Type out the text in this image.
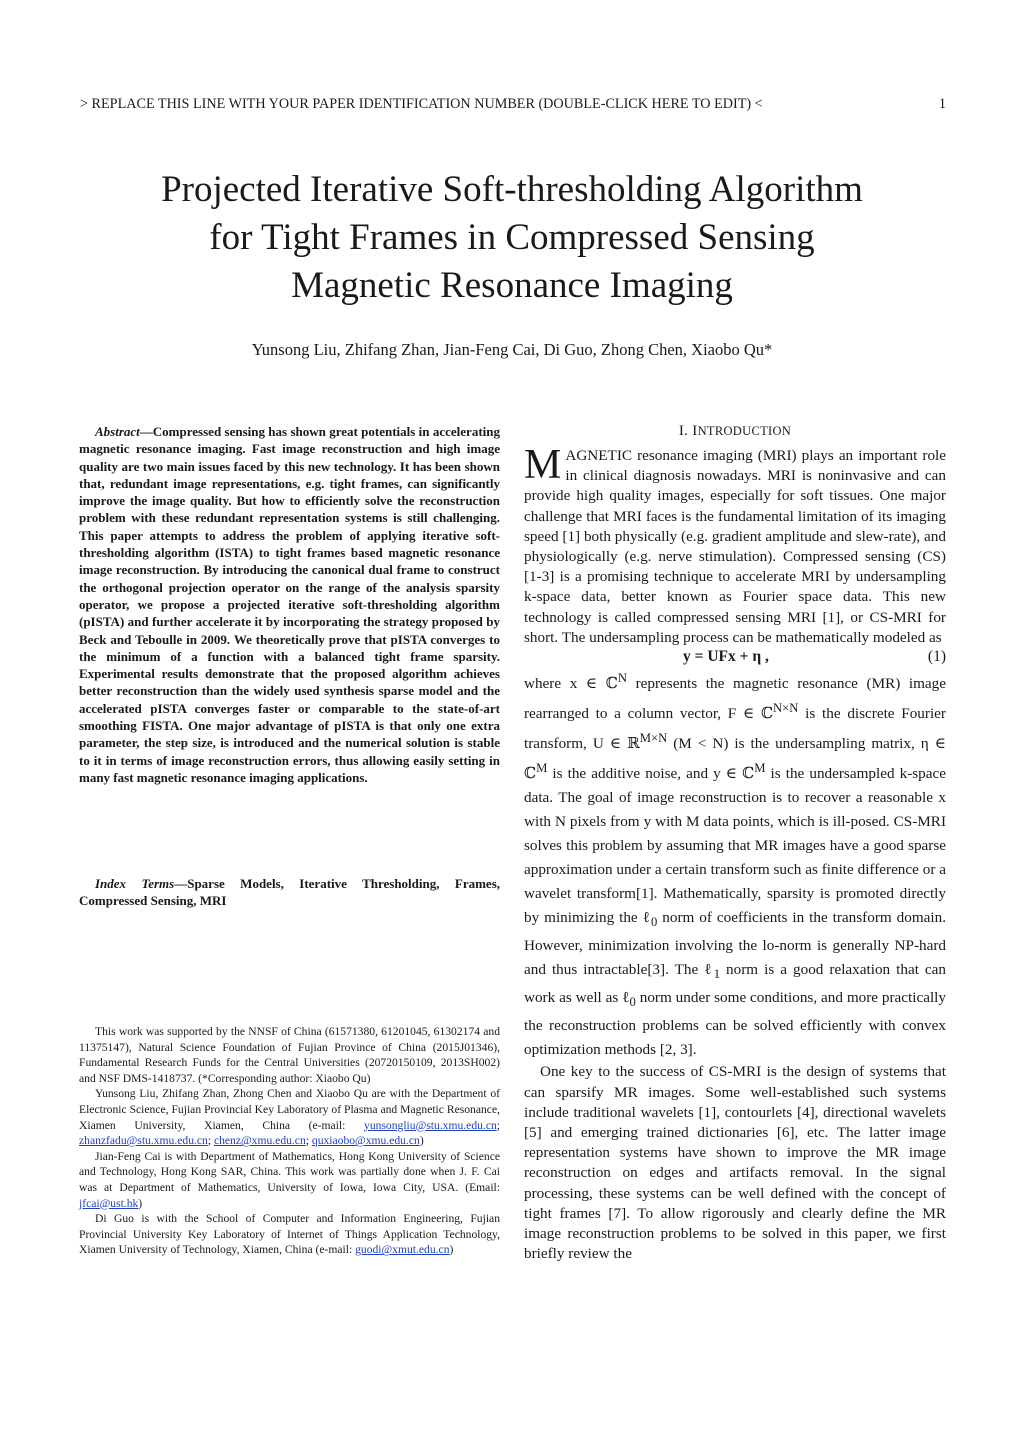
> REPLACE THIS LINE WITH YOUR PAPER IDENTIFICATION NUMBER (DOUBLE-CLICK HERE TO EDIT) <	1
Projected Iterative Soft-thresholding Algorithm
for Tight Frames in Compressed Sensing
Magnetic Resonance Imaging
Yunsong Liu, Zhifang Zhan, Jian-Feng Cai, Di Guo, Zhong Chen, Xiaobo Qu*

Abstract—Compressed sensing has shown great potentials in accelerating magnetic resonance imaging. Fast image reconstruction and high image quality are two main issues faced by this new technology. It has been shown that, redundant image representations, e.g. tight frames, can significantly improve the image quality. But how to efficiently solve the reconstruction problem with these redundant representation systems is still challenging. This paper attempts to address the problem of applying iterative soft-thresholding algorithm (ISTA) to tight frames based magnetic resonance image reconstruction. By introducing the canonical dual frame to construct the orthogonal projection operator on the range of the analysis sparsity operator, we propose a projected iterative soft-thresholding algorithm (pISTA) and further accelerate it by incorporating the strategy proposed by Beck and Teboulle in 2009. We theoretically prove that pISTA converges to the minimum of a function with a balanced tight frame sparsity. Experimental results demonstrate that the proposed algorithm achieves better reconstruction than the widely used synthesis sparse model and the accelerated pISTA converges faster or comparable to the state-of-art smoothing FISTA. One major advantage of pISTA is that only one extra parameter, the step size, is introduced and the numerical solution is stable to it in terms of image reconstruction errors, thus allowing easily setting in many fast magnetic resonance imaging applications.

Index Terms—Sparse Models, Iterative Thresholding, Frames, Compressed Sensing, MRI

This work was supported by the NNSF of China (61571380, 61201045, 61302174 and 11375147), Natural Science Foundation of Fujian Province of China (2015J01346), Fundamental Research Funds for the Central Universities (20720150109, 2013SH002) and NSF DMS-1418737. (*Corresponding author: Xiaobo Qu)

Yunsong Liu, Zhifang Zhan, Zhong Chen and Xiaobo Qu are with the Department of Electronic Science, Fujian Provincial Key Laboratory of Plasma and Magnetic Resonance, Xiamen University, Xiamen, China (e-mail: yunsongliu@stu.xmu.edu.cn; zhanzfadu@stu.xmu.edu.cn; chenz@xmu.edu.cn; quxiaobo@xmu.edu.cn)

Jian-Feng Cai is with Department of Mathematics, Hong Kong University of Science and Technology, Hong Kong SAR, China. This work was partially done when J. F. Cai was at Department of Mathematics, University of Iowa, Iowa City, USA. (Email: jfcai@ust.hk)

Di Guo is with the School of Computer and Information Engineering, Fujian Provincial University Key Laboratory of Internet of Things Application Technology, Xiamen University of Technology, Xiamen, China (e-mail: guodi@xmut.edu.cn)

I. INTRODUCTION

MAGNETIC resonance imaging (MRI) plays an important role in clinical diagnosis nowadays. MRI is noninvasive and can provide high quality images, especially for soft tissues. One major challenge that MRI faces is the fundamental limitation of its imaging speed [1] both physically (e.g. gradient amplitude and slew-rate), and physiologically (e.g. nerve stimulation). Compressed sensing (CS) [1-3] is a promising technique to accelerate MRI by undersampling k-space data, better known as Fourier space data. This new technology is called compressed sensing MRI [1], or CS-MRI for short. The undersampling process can be mathematically modeled as

y = UFx + η ,	(1)

where x ∈ ℂ$^N$ represents the magnetic resonance (MR) image rearranged to a column vector, F ∈ ℂ$^{N\times N}$ is the discrete Fourier transform, U ∈ ℝ$^{M\times N}$ (M < N) is the undersampling matrix, η ∈ ℂ$^M$ is the additive noise, and y ∈ ℂ$^M$ is the undersampled k-space data. The goal of image reconstruction is to recover a reasonable x with N pixels from y with M data points, which is ill-posed. CS-MRI solves this problem by assuming that MR images have a good sparse approximation under a certain transform such as finite difference or a wavelet transform[1]. Mathematically, sparsity is promoted directly by minimizing the ℓ$_0$ norm of coefficients in the transform domain. However, minimization involving the lo-norm is generally NP-hard and thus intractable[3]. The ℓ$_1$ norm is a good relaxation that can work as well as ℓ$_0$ norm under some conditions, and more practically the reconstruction problems can be solved efficiently with convex optimization methods [2, 3].

One key to the success of CS-MRI is the design of systems that can sparsify MR images. Some well-established such systems include traditional wavelets [1], contourlets [4], directional wavelets [5] and emerging trained dictionaries [6], etc. The latter image representation systems have shown to improve the MR image reconstruction on edges and artifacts removal. In the signal processing, these systems can be well defined with the concept of tight frames [7]. To allow rigorously and clearly define the MR image reconstruction problems to be solved in this paper, we first briefly review the
